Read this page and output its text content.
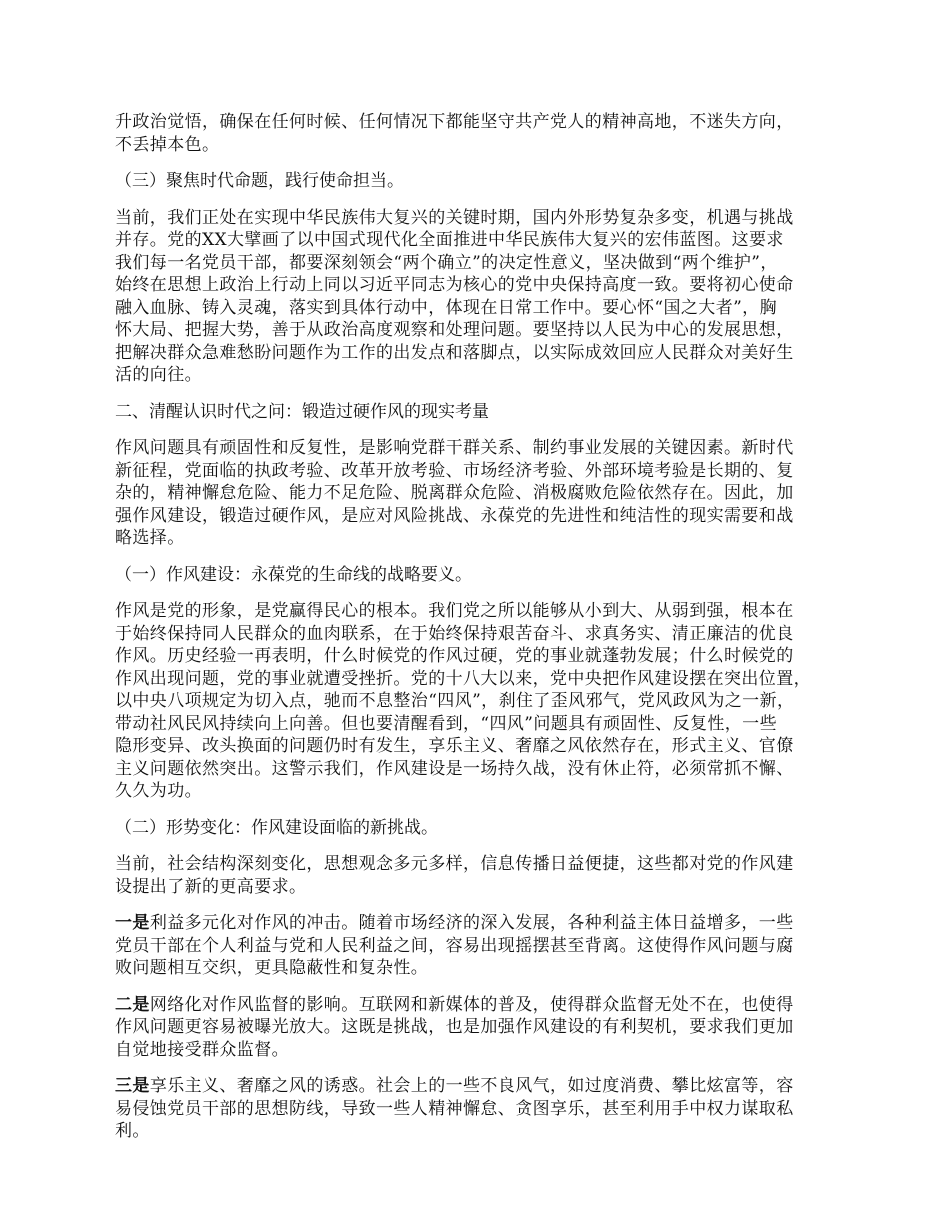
升政治觉悟，确保在任何时候、任何情况下都能坚守共产党人的精神高地，不迷失方向，
不丢掉本色。

（三）聚焦时代命题，践行使命担当。

当前，我们正处在实现中华民族伟大复兴的关键时期，国内外形势复杂多变，机遇与挑战
并存。党的XX大擘画了以中国式现代化全面推进中华民族伟大复兴的宏伟蓝图。这要求
我们每一名党员干部，都要深刻领会“两个确立”的决定性意义，坚决做到“两个维护”，
始终在思想上政治上行动上同以习近平同志为核心的党中央保持高度一致。要将初心使命
融入血脉、铸入灵魂，落实到具体行动中，体现在日常工作中。要心怀“国之大者”，胸
怀大局、把握大势，善于从政治高度观察和处理问题。要坚持以人民为中心的发展思想，
把解决群众急难愁盼问题作为工作的出发点和落脚点，以实际成效回应人民群众对美好生
活的向往。

二、清醒认识时代之问：锻造过硬作风的现实考量

作风问题具有顽固性和反复性，是影响党群干群关系、制约事业发展的关键因素。新时代
新征程，党面临的执政考验、改革开放考验、市场经济考验、外部环境考验是长期的、复
杂的，精神懈怠危险、能力不足危险、脱离群众危险、消极腐败危险依然存在。因此，加
强作风建设，锻造过硬作风，是应对风险挑战、永葆党的先进性和纯洁性的现实需要和战
略选择。

（一）作风建设：永葆党的生命线的战略要义。

作风是党的形象，是党赢得民心的根本。我们党之所以能够从小到大、从弱到强，根本在
于始终保持同人民群众的血肉联系，在于始终保持艰苦奋斗、求真务实、清正廉洁的优良
作风。历史经验一再表明，什么时候党的作风过硬，党的事业就蓬勃发展；什么时候党的
作风出现问题，党的事业就遭受挫折。党的十八大以来，党中央把作风建设摆在突出位置，
以中央八项规定为切入点，驰而不息整治“四风”，刹住了歪风邪气，党风政风为之一新，
带动社风民风持续向上向善。但也要清醒看到，“四风”问题具有顽固性、反复性，一些
隐形变异、改头换面的问题仍时有发生，享乐主义、奢靡之风依然存在，形式主义、官僚
主义问题依然突出。这警示我们，作风建设是一场持久战，没有休止符，必须常抓不懈、
久久为功。

（二）形势变化：作风建设面临的新挑战。

当前，社会结构深刻变化，思想观念多元多样，信息传播日益便捷，这些都对党的作风建
设提出了新的更高要求。

一是利益多元化对作风的冲击。随着市场经济的深入发展，各种利益主体日益增多，一些
党员干部在个人利益与党和人民利益之间，容易出现摇摆甚至背离。这使得作风问题与腐
败问题相互交织，更具隐蔽性和复杂性。

二是网络化对作风监督的影响。互联网和新媒体的普及，使得群众监督无处不在，也使得
作风问题更容易被曝光放大。这既是挑战，也是加强作风建设的有利契机，要求我们更加
自觉地接受群众监督。

三是享乐主义、奢靡之风的诱惑。社会上的一些不良风气，如过度消费、攀比炫富等，容
易侵蚀党员干部的思想防线，导致一些人精神懈怠、贪图享乐，甚至利用手中权力谋取私
利。
